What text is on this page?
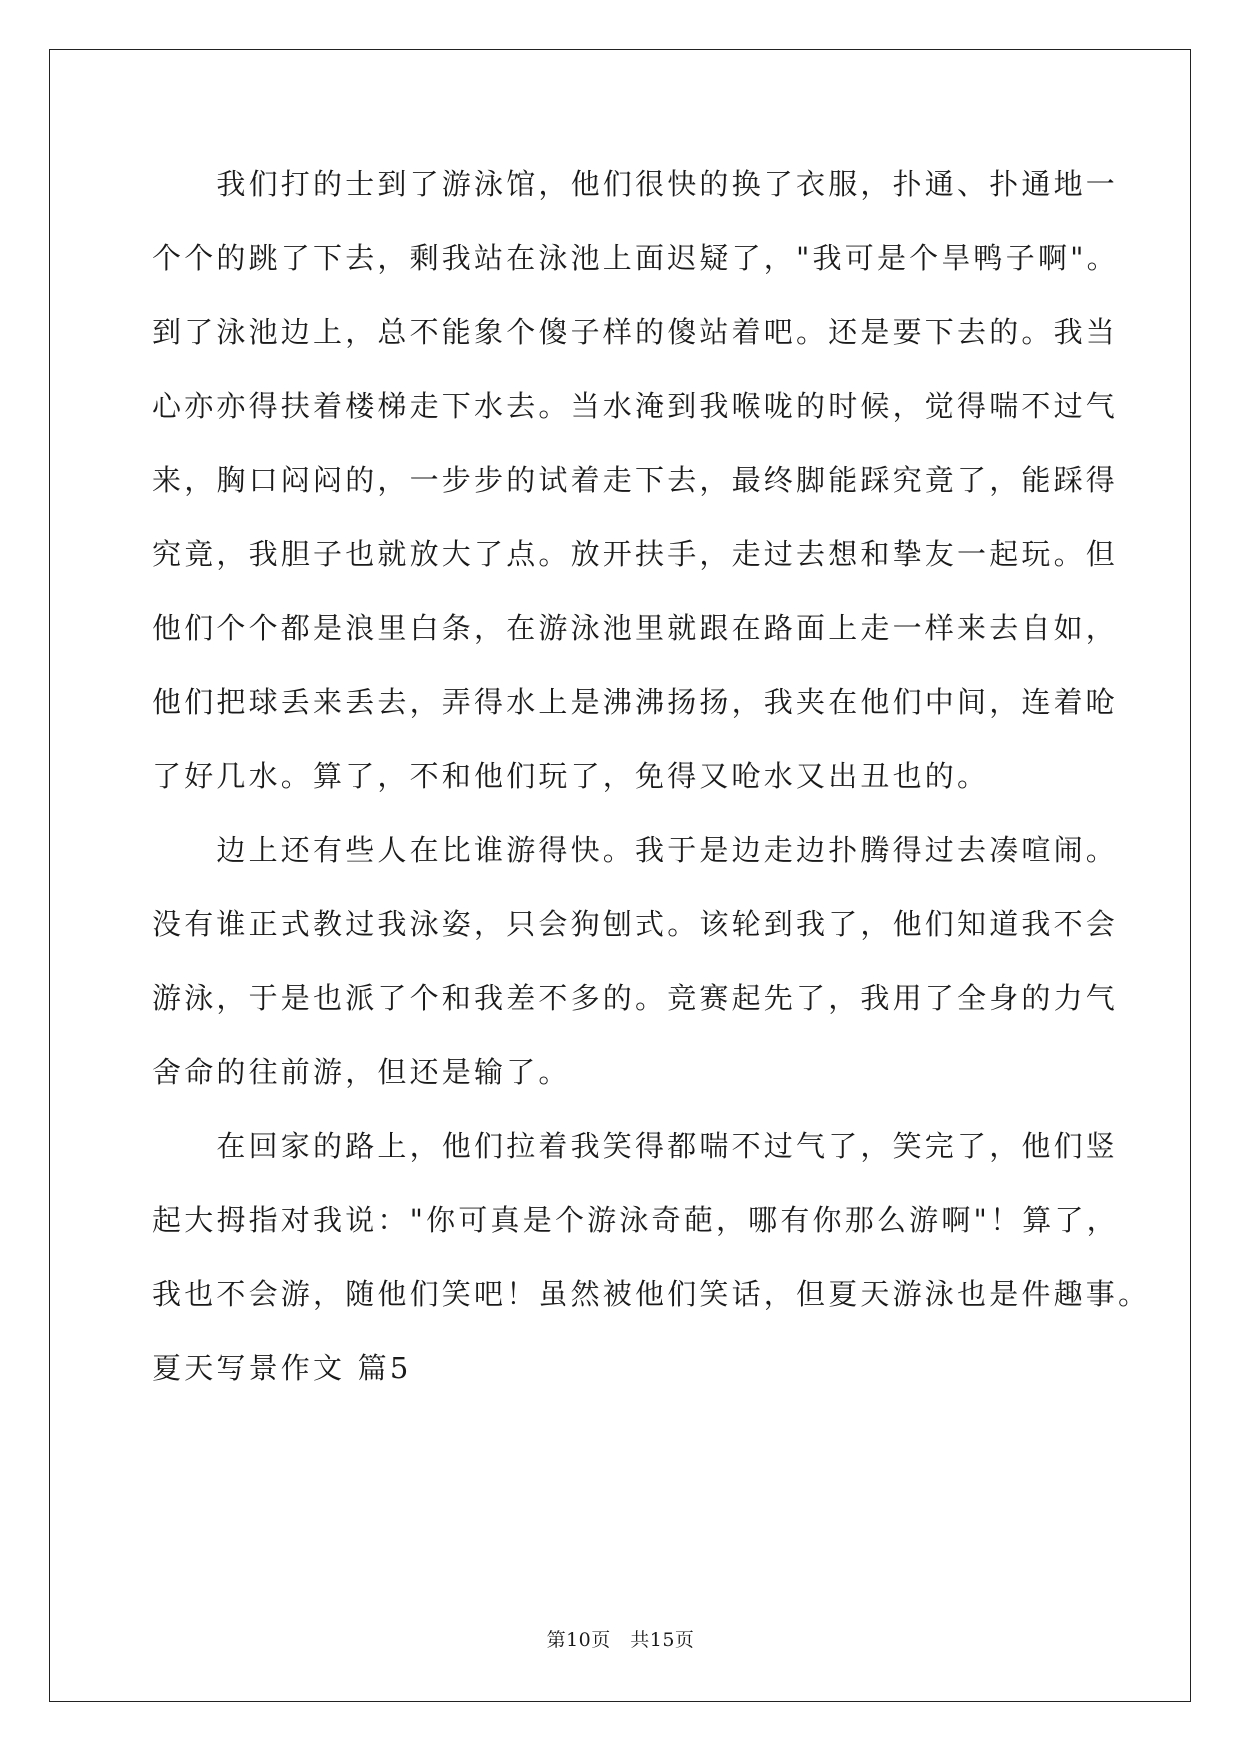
　　我们打的士到了游泳馆，他们很快的换了衣服，扑通、扑通地一
个个的跳了下去，剩我站在泳池上面迟疑了，"我可是个旱鸭子啊"。
到了泳池边上，总不能象个傻子样的傻站着吧。还是要下去的。我当
心亦亦得扶着楼梯走下水去。当水淹到我喉咙的时候，觉得喘不过气
来，胸口闷闷的，一步步的试着走下去，最终脚能踩究竟了，能踩得
究竟，我胆子也就放大了点。放开扶手，走过去想和挚友一起玩。但
他们个个都是浪里白条，在游泳池里就跟在路面上走一样来去自如，
他们把球丢来丢去，弄得水上是沸沸扬扬，我夹在他们中间，连着呛
了好几水。算了，不和他们玩了，免得又呛水又出丑也的。
　　边上还有些人在比谁游得快。我于是边走边扑腾得过去凑喧闹。
没有谁正式教过我泳姿，只会狗刨式。该轮到我了，他们知道我不会
游泳，于是也派了个和我差不多的。竞赛起先了，我用了全身的力气
舍命的往前游，但还是输了。
　　在回家的路上，他们拉着我笑得都喘不过气了，笑完了，他们竖
起大拇指对我说："你可真是个游泳奇葩，哪有你那么游啊"！算了，
我也不会游，随他们笑吧！虽然被他们笑话，但夏天游泳也是件趣事。
夏天写景作文 篇5
第10页　共15页
